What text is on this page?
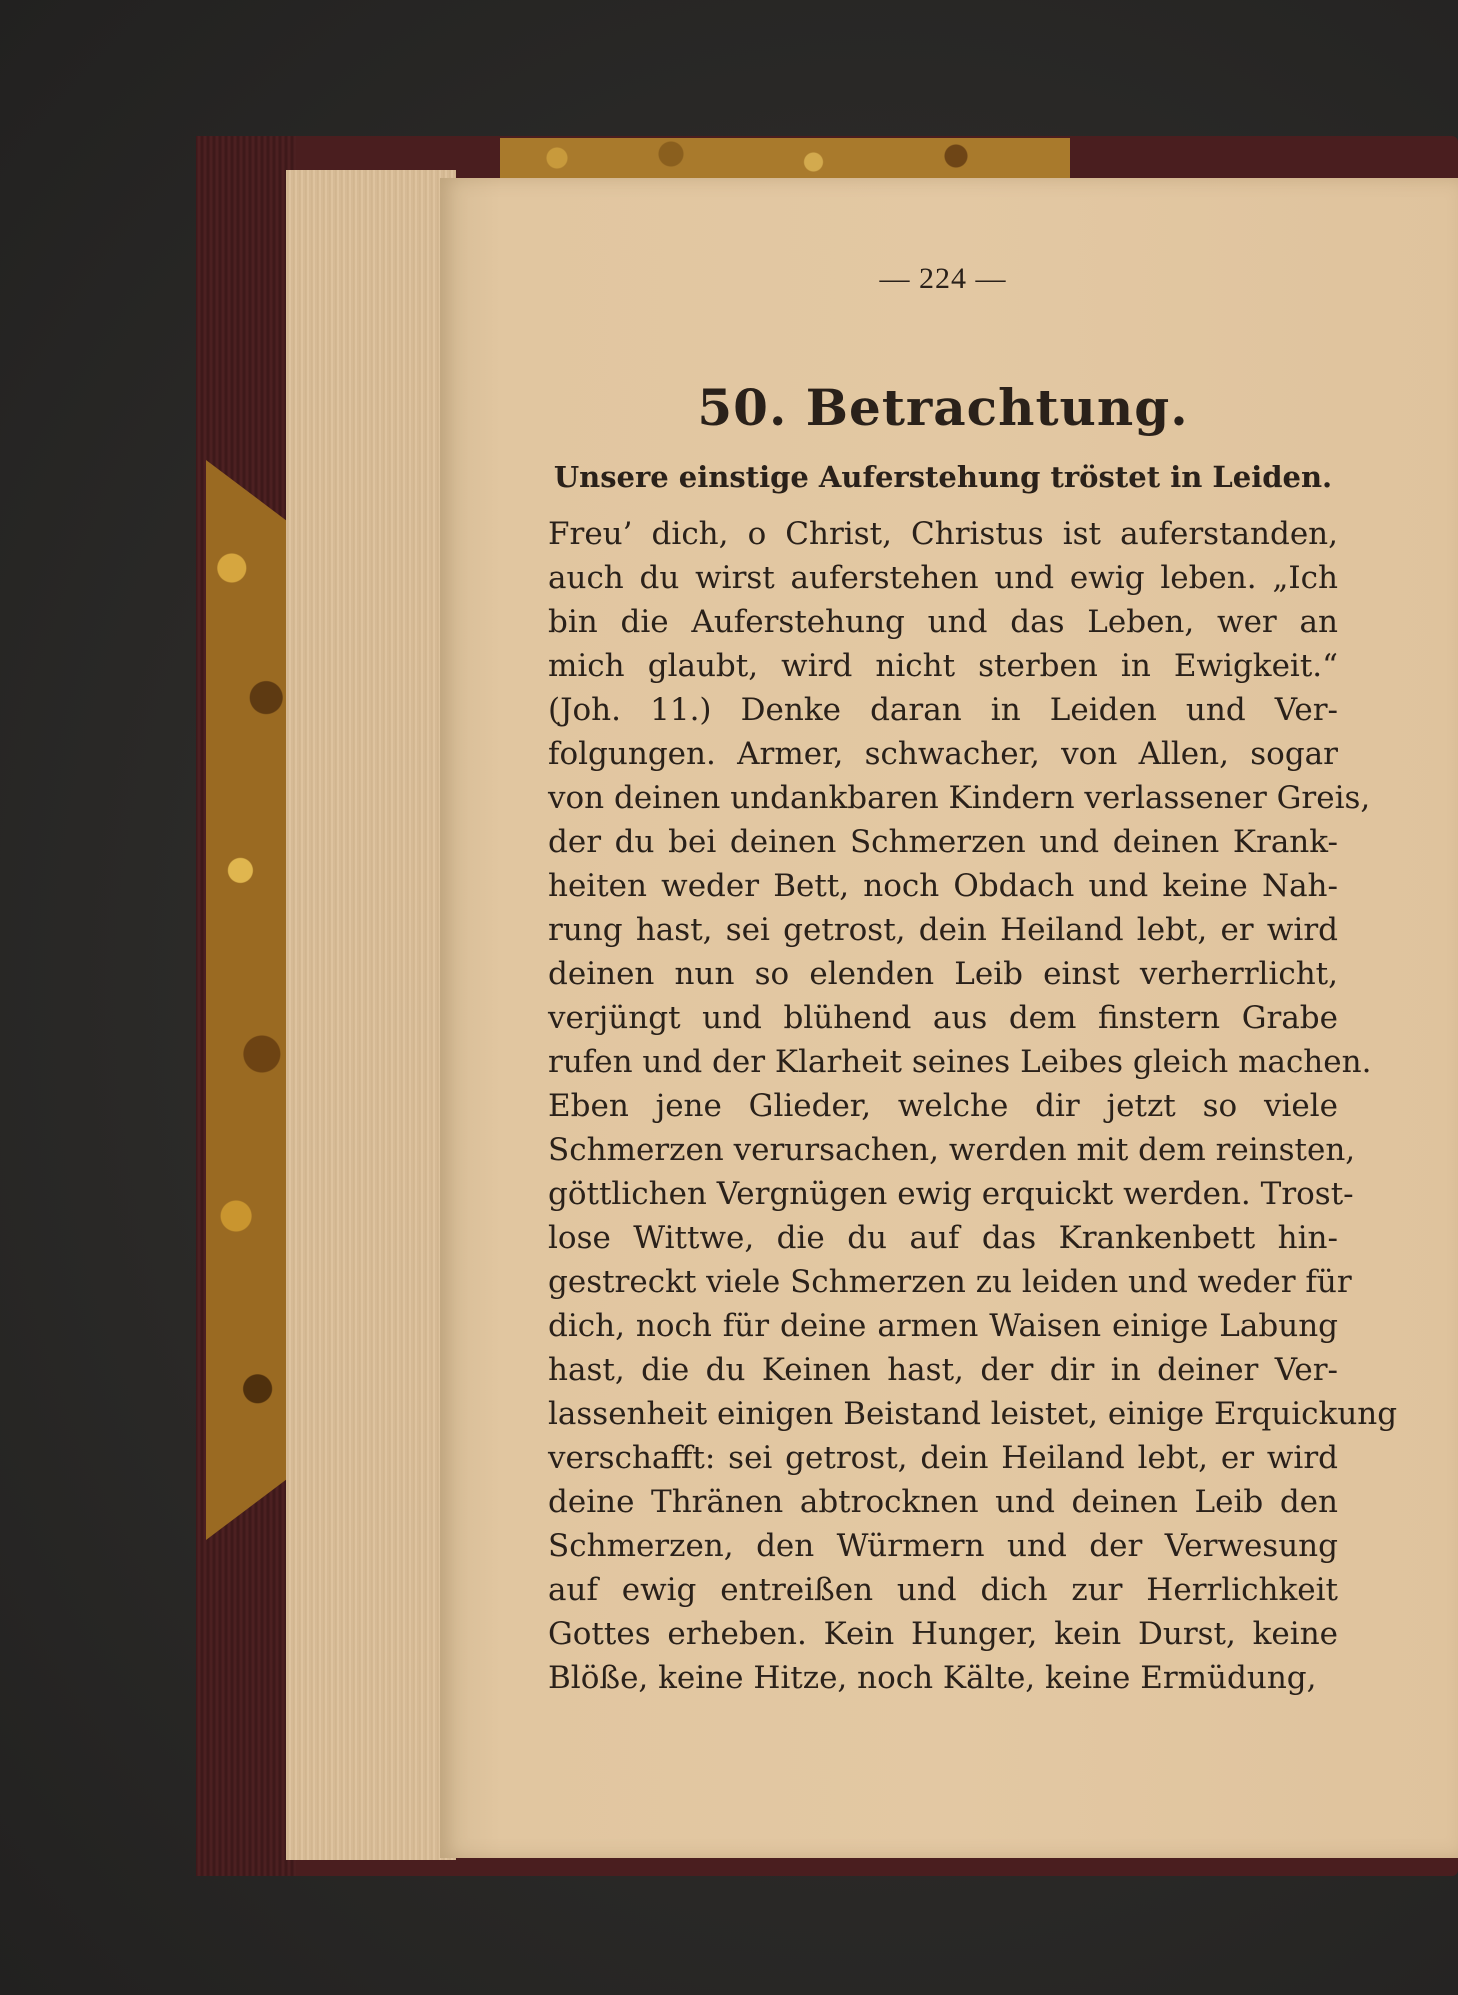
— 224 —
50. Betrachtung.
Unsere einstige Auferstehung tröstet in Leiden.
Freu’ dich, o Christ, Christus ist auferstanden,
auch du wirst auferstehen und ewig leben. „Ich
bin die Auferstehung und das Leben, wer an
mich glaubt, wird nicht sterben in Ewigkeit.“
(Joh. 11.) Denke daran in Leiden und Ver-
folgungen. Armer, schwacher, von Allen, sogar
von deinen undankbaren Kindern verlassener Greis,
der du bei deinen Schmerzen und deinen Krank-
heiten weder Bett, noch Obdach und keine Nah-
rung hast, sei getrost, dein Heiland lebt, er wird
deinen nun so elenden Leib einst verherrlicht,
verjüngt und blühend aus dem finstern Grabe
rufen und der Klarheit seines Leibes gleich machen.
Eben jene Glieder, welche dir jetzt so viele
Schmerzen verursachen, werden mit dem reinsten,
göttlichen Vergnügen ewig erquickt werden. Trost-
lose Wittwe, die du auf das Krankenbett hin-
gestreckt viele Schmerzen zu leiden und weder für
dich, noch für deine armen Waisen einige Labung
hast, die du Keinen hast, der dir in deiner Ver-
lassenheit einigen Beistand leistet, einige Erquickung
verschafft: sei getrost, dein Heiland lebt, er wird
deine Thränen abtrocknen und deinen Leib den
Schmerzen, den Würmern und der Verwesung
auf ewig entreißen und dich zur Herrlichkeit
Gottes erheben. Kein Hunger, kein Durst, keine
Blöße, keine Hitze, noch Kälte, keine Ermüdung,
